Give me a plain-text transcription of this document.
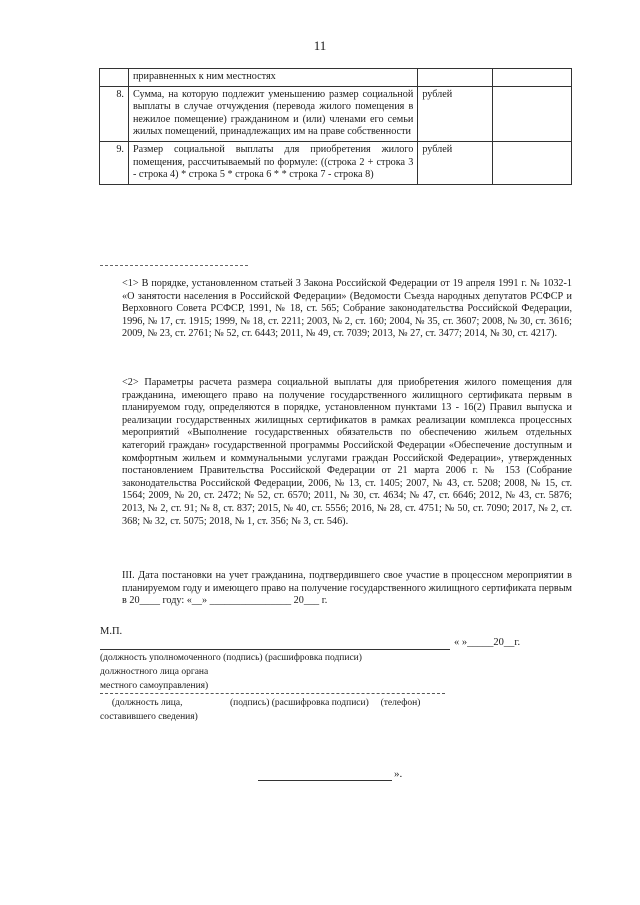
11
	приравненных к ним местностях		
8.	Сумма, на которую подлежит уменьшению размер социальной выплаты в случае отчуждения (перевода жилого помещения в нежилое помещение) гражданином и (или) членами его семьи жилых помещений, принадлежащих им на праве собственности	рублей	
9.	Размер социальной выплаты для приобретения жилого помещения, рассчитываемый по формуле: ((строка 2 + строка 3 - строка 4) * строка 5 * строка 6 * * строка 7 - строка 8)	рублей	
<1> В порядке, установленном статьей 3 Закона Российской Федерации от 19 апреля 1991 г. № 1032-1 «О занятости населения в Российской Федерации» (Ведомости Съезда народных депутатов РСФСР и Верховного Совета РСФСР, 1991, № 18, ст. 565; Собрание законодательства Российской Федерации, 1996, № 17, ст. 1915; 1999, № 18, ст. 2211; 2003, № 2, ст. 160; 2004, № 35, ст. 3607; 2008, № 30, ст. 3616; 2009, № 23, ст. 2761; № 52, ст. 6443; 2011, № 49, ст. 7039; 2013, № 27, ст. 3477; 2014, № 30, ст. 4217).
<2> Параметры расчета размера социальной выплаты для приобретения жилого помещения для гражданина, имеющего право на получение государственного жилищного сертификата первым в планируемом году, определяются в порядке, установленном пунктами 13 - 16(2) Правил выпуска и реализации государственных жилищных сертификатов в рамках реализации комплекса процессных мероприятий «Выполнение государственных обязательств по обеспечению жильем отдельных категорий граждан» государственной программы Российской Федерации «Обеспечение доступным и комфортным жильем и коммунальными услугами граждан Российской Федерации», утвержденных постановлением Правительства Российской Федерации от 21 марта 2006 г. № 153 (Собрание законодательства Российской Федерации, 2006, № 13, ст. 1405; 2007, № 43, ст. 5208; 2008, № 15, ст. 1564; 2009, № 20, ст. 2472; № 52, ст. 6570; 2011, № 30, ст. 4634; № 47, ст. 6646; 2012, № 43, ст. 5876; 2013, № 2, ст. 91; № 8, ст. 837; 2015, № 40, ст. 5556; 2016, № 28, ст. 4751; № 50, ст. 7090; 2017, № 2, ст. 368; № 32, ст. 5075; 2018, № 1, ст. 356; № 3, ст. 546).
III. Дата постановки на учет гражданина, подтвердившего свое участие в процессном мероприятии в планируемом году и имеющего право на получение государственного жилищного сертификата первым в 20____ году: «__» ________________ 20___ г.
М.П.
« »_____20__г.
(должность уполномоченного (подпись) (расшифровка подписи)
должностного лица органа
местного самоуправления)
(должность лица,                    (подпись) (расшифровка подписи)     (телефон)
составившего сведения)
».
